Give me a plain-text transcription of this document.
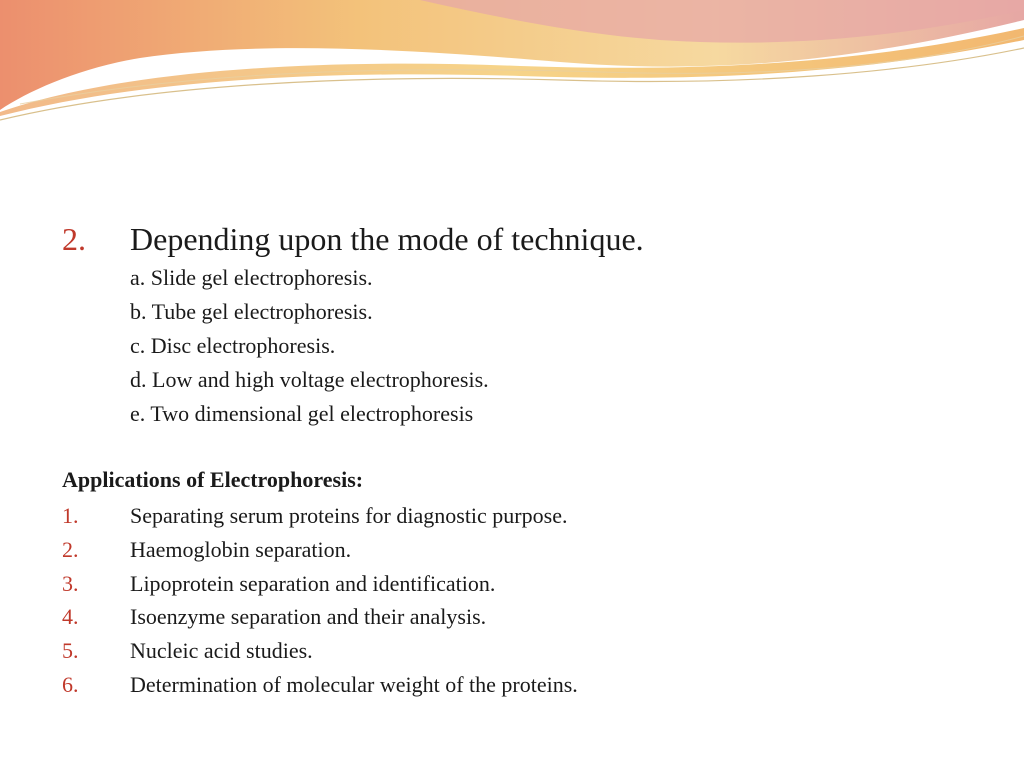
2. Depending upon the mode of technique.
a. Slide gel electrophoresis.
b. Tube gel electrophoresis.
c. Disc electrophoresis.
d. Low and high voltage electrophoresis.
e. Two dimensional gel electrophoresis
Applications of Electrophoresis:
1. Separating serum proteins for diagnostic purpose.
2. Haemoglobin separation.
3. Lipoprotein separation and identification.
4. Isoenzyme separation and their analysis.
5. Nucleic acid studies.
6. Determination of molecular weight of the proteins.
